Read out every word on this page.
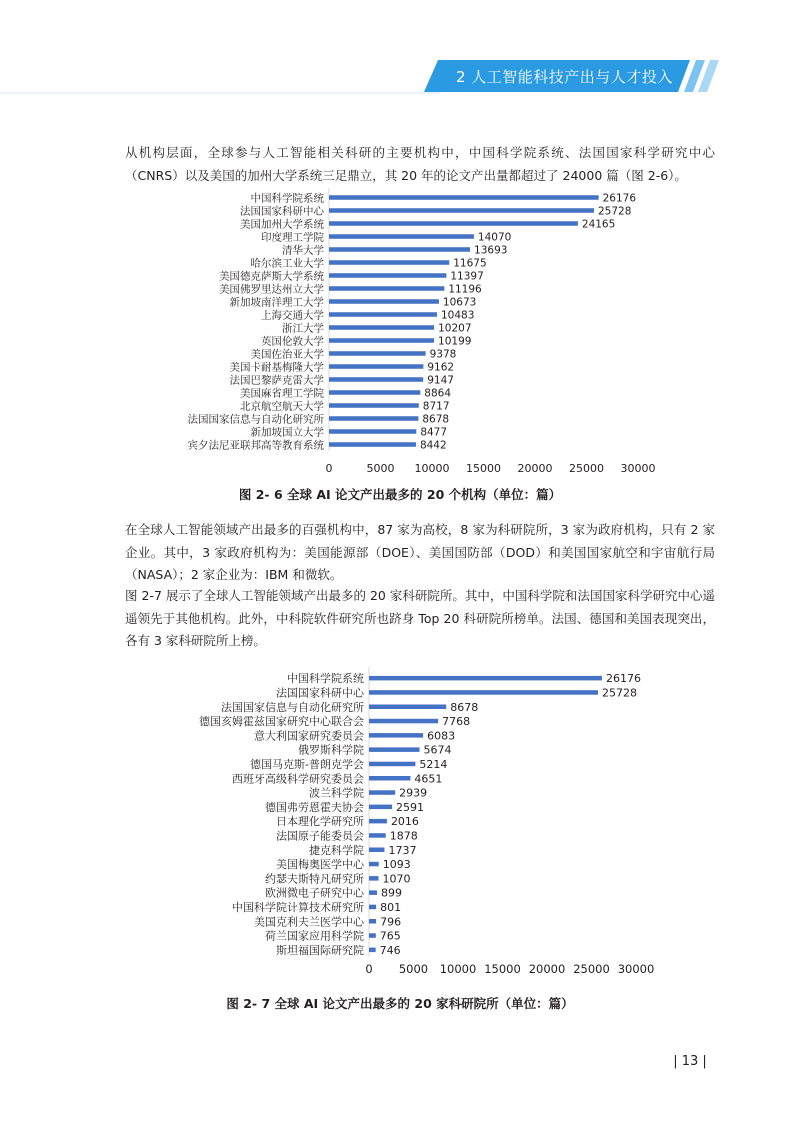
2 人工智能科技产出与人才投入
从机构层面，全球参与人工智能相关科研的主要机构中，中国科学院系统、法国国家科学研究中心（CNRS）以及美国的加州大学系统三足鼎立，其 20 年的论文产出量都超过了 24000 篇（图 2-6）。
中国科学院系统	26176
法国国家科研中心	25728
美国加州大学系统	24165
印度理工学院	14070
清华大学	13693
哈尔滨工业大学	11675
美国德克萨斯大学系统	11397
美国佛罗里达州立大学	11196
新加坡南洋理工大学	10673
上海交通大学	10483
浙江大学	10207
英国伦敦大学	10199
美国佐治亚大学	9378
美国卡耐基梅隆大学	9162
法国巴黎萨克雷大学	9147
美国麻省理工学院	8864
北京航空航天大学	8717
法国国家信息与自动化研究所	8678
新加坡国立大学	8477
宾夕法尼亚联邦高等教育系统	8442
0	5000 10000 15000 20000 25000 30000
图 2- 6 全球 AI 论文产出最多的 20 个机构（单位：篇）
在全球人工智能领域产出最多的百强机构中，87 家为高校，8 家为科研院所，3 家为政府机构，只有 2 家企业。其中，3 家政府机构为：美国能源部（DOE）、美国国防部（DOD）和美国国家航空和宇宙航行局（NASA）；2 家企业为：IBM 和微软。
图 2-7 展示了全球人工智能领域产出最多的 20 家科研院所。其中，中国科学院和法国国家科学研究中心遥遥领先于其他机构。此外，中科院软件研究所也跻身 Top 20 科研院所榜单。法国、德国和美国表现突出，各有 3 家科研院所上榜。
中国科学院系统	26176
法国国家科研中心	25728
法国国家信息与自动化研究所	8678
德国亥姆霍兹国家研究中心联合会	7768
意大利国家研究委员会	6083
俄罗斯科学院	5674
德国马克斯-普朗克学会	5214
西班牙高级科学研究委员会	4651
波兰科学院	2939
德国弗劳恩霍夫协会	2591
日本理化学研究所 2016
法国原子能委员会 1878
捷克科学院 1737
美国梅奥医学中心 1093
约瑟夫斯特凡研究所 1070
欧洲微电子研究中心 899
中国科学院计算技术研究所 801
美国克利夫兰医学中心 796
荷兰国家应用科学院 765
斯坦福国际研究院 746
0 5000 10000 15000 20000 25000 30000
图 2- 7 全球 AI 论文产出最多的 20 家科研院所（单位：篇）
| 13 |
